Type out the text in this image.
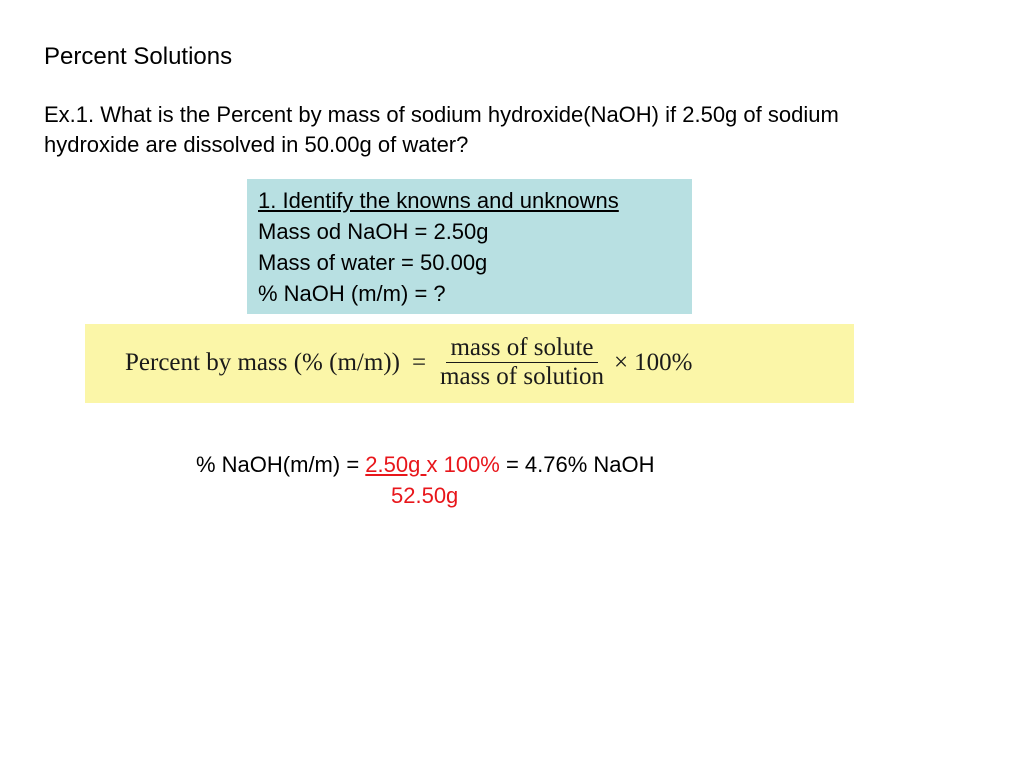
Percent Solutions
Ex.1. What is the Percent by mass of sodium hydroxide(NaOH) if 2.50g of sodium
hydroxide are dissolved in 50.00g of water?
1. Identify the knowns and unknowns
Mass od NaOH = 2.50g
Mass of water = 50.00g
% NaOH (m/m) = ?
Percent by mass (% $(m/m)) = \frac{\text{mass of solute}}{\text{mass of solution}} \times 100\%$
% NaOH(m/m) = 2.50g x 100% = 4.76% NaOH
52.50g
